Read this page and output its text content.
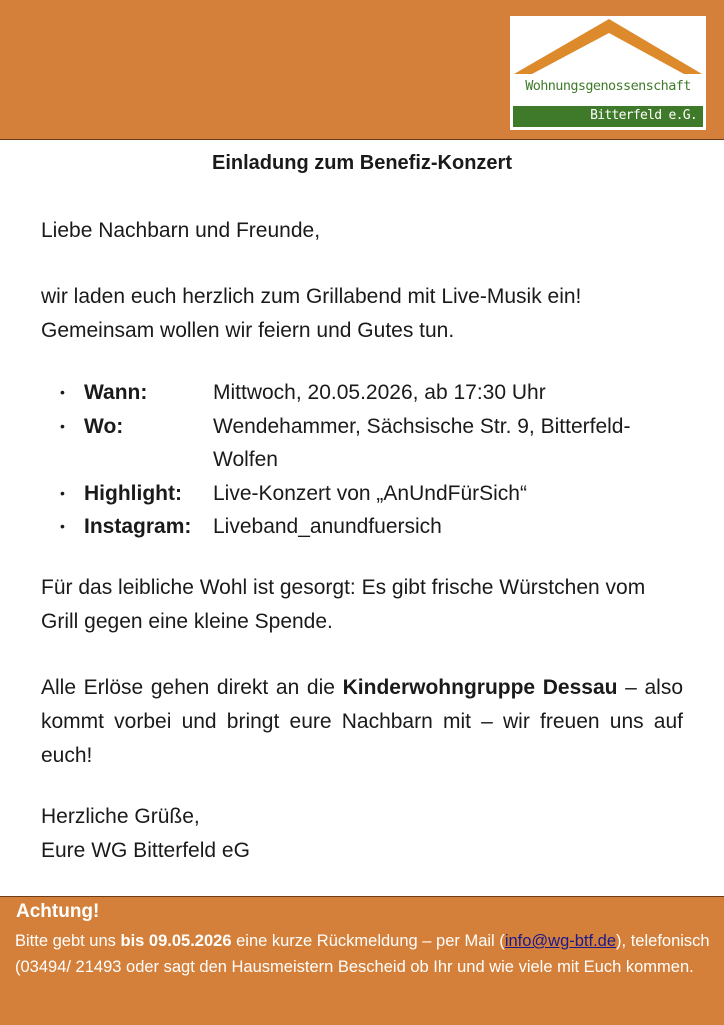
Wohnungsgenossenschaft
Bitterfeld e.G.
Einladung zum Benefiz-Konzert

Liebe Nachbarn und Freunde,

wir laden euch herzlich zum Grillabend mit Live-Musik ein! Gemeinsam wollen wir feiern und Gutes tun.

• Wann:	Mittwoch, 20.05.2026, ab 17:30 Uhr
• Wo:	Wendehammer, Sächsische Str. 9, Bitterfeld-Wolfen
• Highlight:	Live-Konzert von „AnUndFürSich“
• Instagram:	Liveband_anundfuersich

Für das leibliche Wohl ist gesorgt: Es gibt frische Würstchen vom Grill gegen eine kleine Spende.

Alle Erlöse gehen direkt an die Kinderwohngruppe Dessau – also kommt vorbei und bringt eure Nachbarn mit – wir freuen uns auf euch!

Herzliche Grüße,
Eure WG Bitterfeld eG

Achtung!

Bitte gebt uns bis 09.05.2026 eine kurze Rückmeldung – per Mail (info@wg-btf.de), telefonisch (03494/ 21493 oder sagt den Hausmeistern Bescheid ob Ihr und wie viele mit Euch kommen.
